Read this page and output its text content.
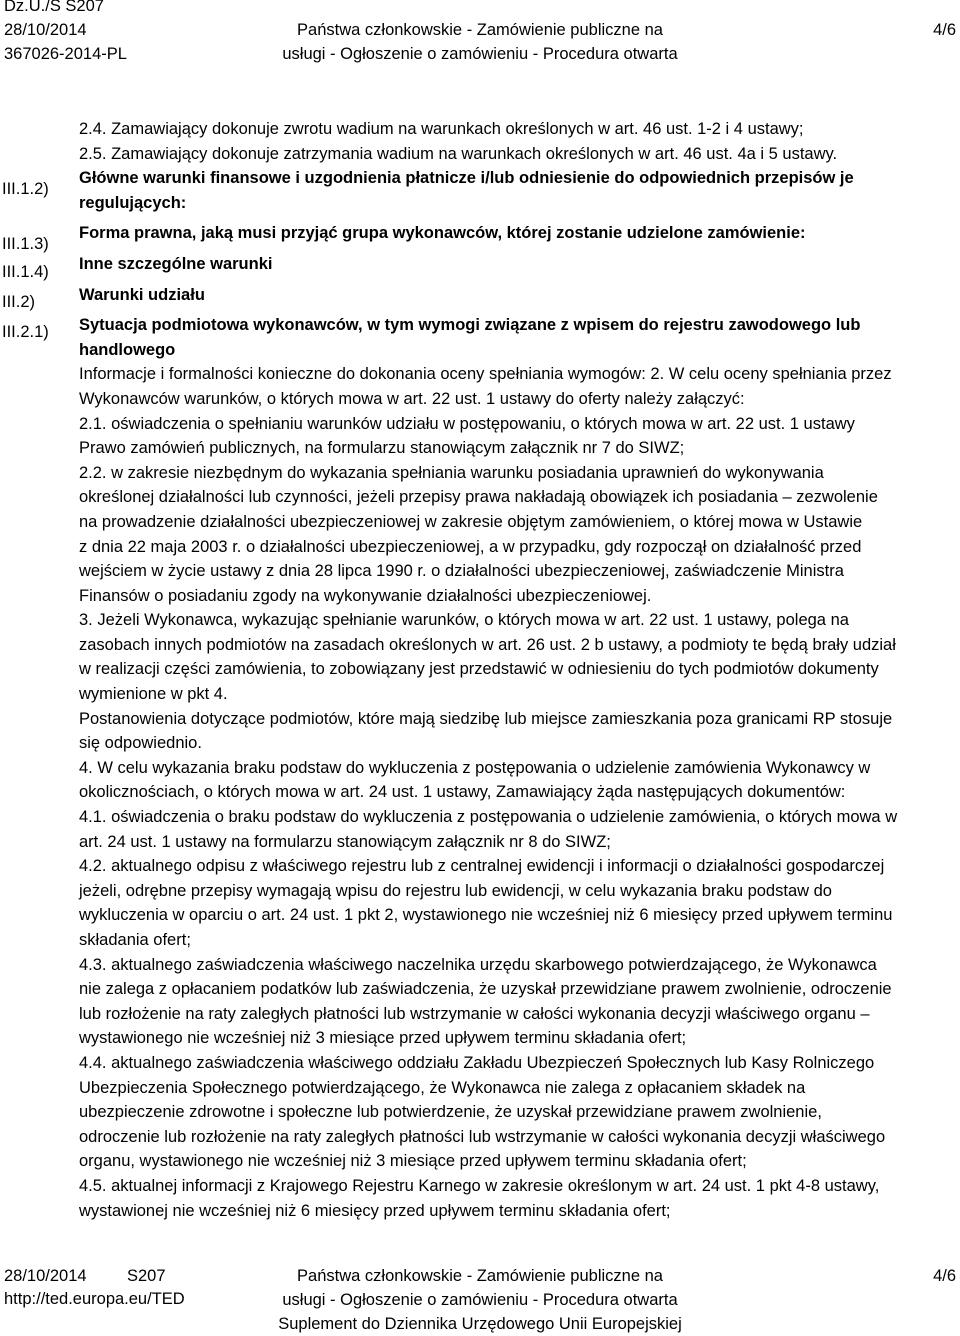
Dz.U./S S207
28/10/2014
367026-2014-PL
Państwa członkowskie - Zamówienie publiczne na
usługi - Ogłoszenie o zamówieniu - Procedura otwarta
4/6
III.1.2)
III.1.3)
III.1.4)
III.2)
III.2.1)

2.4. Zamawiający dokonuje zwrotu wadium na warunkach określonych w art. 46 ust. 1-2 i 4 ustawy;

2.5. Zamawiający dokonuje zatrzymania wadium na warunkach określonych w art. 46 ust. 4a i 5 ustawy.

Główne warunki finansowe i uzgodnienia płatnicze i/lub odniesienie do odpowiednich przepisów je
regulujących:

Forma prawna, jaką musi przyjąć grupa wykonawców, której zostanie udzielone zamówienie:

Inne szczególne warunki

Warunki udziału

Sytuacja podmiotowa wykonawców, w tym wymogi związane z wpisem do rejestru zawodowego lub
handlowego

Informacje i formalności konieczne do dokonania oceny spełniania wymogów: 2. W celu oceny spełniania przez

Wykonawców warunków, o których mowa w art. 22 ust. 1 ustawy do oferty należy załączyć:

2.1. oświadczenia o spełnianiu warunków udziału w postępowaniu, o których mowa w art. 22 ust. 1 ustawy

Prawo zamówień publicznych, na formularzu stanowiącym załącznik nr 7 do SIWZ;

2.2. w zakresie niezbędnym do wykazania spełniania warunku posiadania uprawnień do wykonywania

określonej działalności lub czynności, jeżeli przepisy prawa nakładają obowiązek ich posiadania – zezwolenie

na prowadzenie działalności ubezpieczeniowej w zakresie objętym zamówieniem, o której mowa w Ustawie

z dnia 22 maja 2003 r. o działalności ubezpieczeniowej, a w przypadku, gdy rozpoczął on działalność przed

wejściem w życie ustawy z dnia 28 lipca 1990 r. o działalności ubezpieczeniowej, zaświadczenie Ministra

Finansów o posiadaniu zgody na wykonywanie działalności ubezpieczeniowej.

3. Jeżeli Wykonawca, wykazując spełnianie warunków, o których mowa w art. 22 ust. 1 ustawy, polega na

zasobach innych podmiotów na zasadach określonych w art. 26 ust. 2 b ustawy, a podmioty te będą brały udział

w realizacji części zamówienia, to zobowiązany jest przedstawić w odniesieniu do tych podmiotów dokumenty

wymienione w pkt 4.

Postanowienia dotyczące podmiotów, które mają siedzibę lub miejsce zamieszkania poza granicami RP stosuje

się odpowiednio.

4. W celu wykazania braku podstaw do wykluczenia z postępowania o udzielenie zamówienia Wykonawcy w

okolicznościach, o których mowa w art. 24 ust. 1 ustawy, Zamawiający żąda następujących dokumentów:

4.1. oświadczenia o braku podstaw do wykluczenia z postępowania o udzielenie zamówienia, o których mowa w

art. 24 ust. 1 ustawy na formularzu stanowiącym załącznik nr 8 do SIWZ;

4.2. aktualnego odpisu z właściwego rejestru lub z centralnej ewidencji i informacji o działalności gospodarczej

jeżeli, odrębne przepisy wymagają wpisu do rejestru lub ewidencji, w celu wykazania braku podstaw do

wykluczenia w oparciu o art. 24 ust. 1 pkt 2, wystawionego nie wcześniej niż 6 miesięcy przed upływem terminu

składania ofert;

4.3. aktualnego zaświadczenia właściwego naczelnika urzędu skarbowego potwierdzającego, że Wykonawca

nie zalega z opłacaniem podatków lub zaświadczenia, że uzyskał przewidziane prawem zwolnienie, odroczenie

lub rozłożenie na raty zaległych płatności lub wstrzymanie w całości wykonania decyzji właściwego organu –

wystawionego nie wcześniej niż 3 miesiące przed upływem terminu składania ofert;

4.4. aktualnego zaświadczenia właściwego oddziału Zakładu Ubezpieczeń Społecznych lub Kasy Rolniczego

Ubezpieczenia Społecznego potwierdzającego, że Wykonawca nie zalega z opłacaniem składek na

ubezpieczenie zdrowotne i społeczne lub potwierdzenie, że uzyskał przewidziane prawem zwolnienie,

odroczenie lub rozłożenie na raty zaległych płatności lub wstrzymanie w całości wykonania decyzji właściwego

organu, wystawionego nie wcześniej niż 3 miesiące przed upływem terminu składania ofert;

4.5. aktualnej informacji z Krajowego Rejestru Karnego w zakresie określonym w art. 24 ust. 1 pkt 4-8 ustawy,

wystawionej nie wcześniej niż 6 miesięcy przed upływem terminu składania ofert;

28/10/2014 S207
http://ted.europa.eu/TED
Państwa członkowskie - Zamówienie publiczne na
usługi - Ogłoszenie o zamówieniu - Procedura otwarta
Suplement do Dziennika Urzędowego Unii Europejskiej
4/6
